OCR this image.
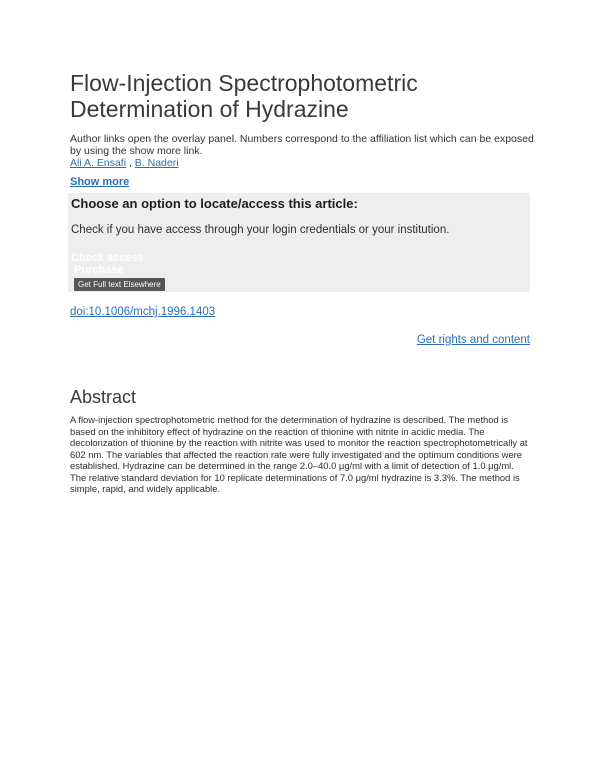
Flow-Injection Spectrophotometric Determination of Hydrazine

Author links open the overlay panel. Numbers correspond to the affiliation list which can be exposed by using the show more link.

Ali A. Ensafi , B. Naderi
Show more
Choose an option to locate/access this article:

Check if you have access through your login credentials or your institution.

Check access
Purchase
Get Full text Elsewhere
doi:10.1006/mchj.1996.1403
Get rights and content
Abstract

A flow-injection spectrophotometric method for the determination of hydrazine is described. The method is based on the inhibitory effect of hydrazine on the reaction of thionine with nitrite in acidic media. The decolorization of thionine by the reaction with nitrite was used to monitor the reaction spectrophotometrically at 602 nm. The variables that affected the reaction rate were fully investigated and the optimum conditions were established. Hydrazine can be determined in the range 2.0–40.0 μg/ml with a limit of detection of 1.0 μg/ml. The relative standard deviation for 10 replicate determinations of 7.0 μg/ml hydrazine is 3.3%. The method is simple, rapid, and widely applicable.
